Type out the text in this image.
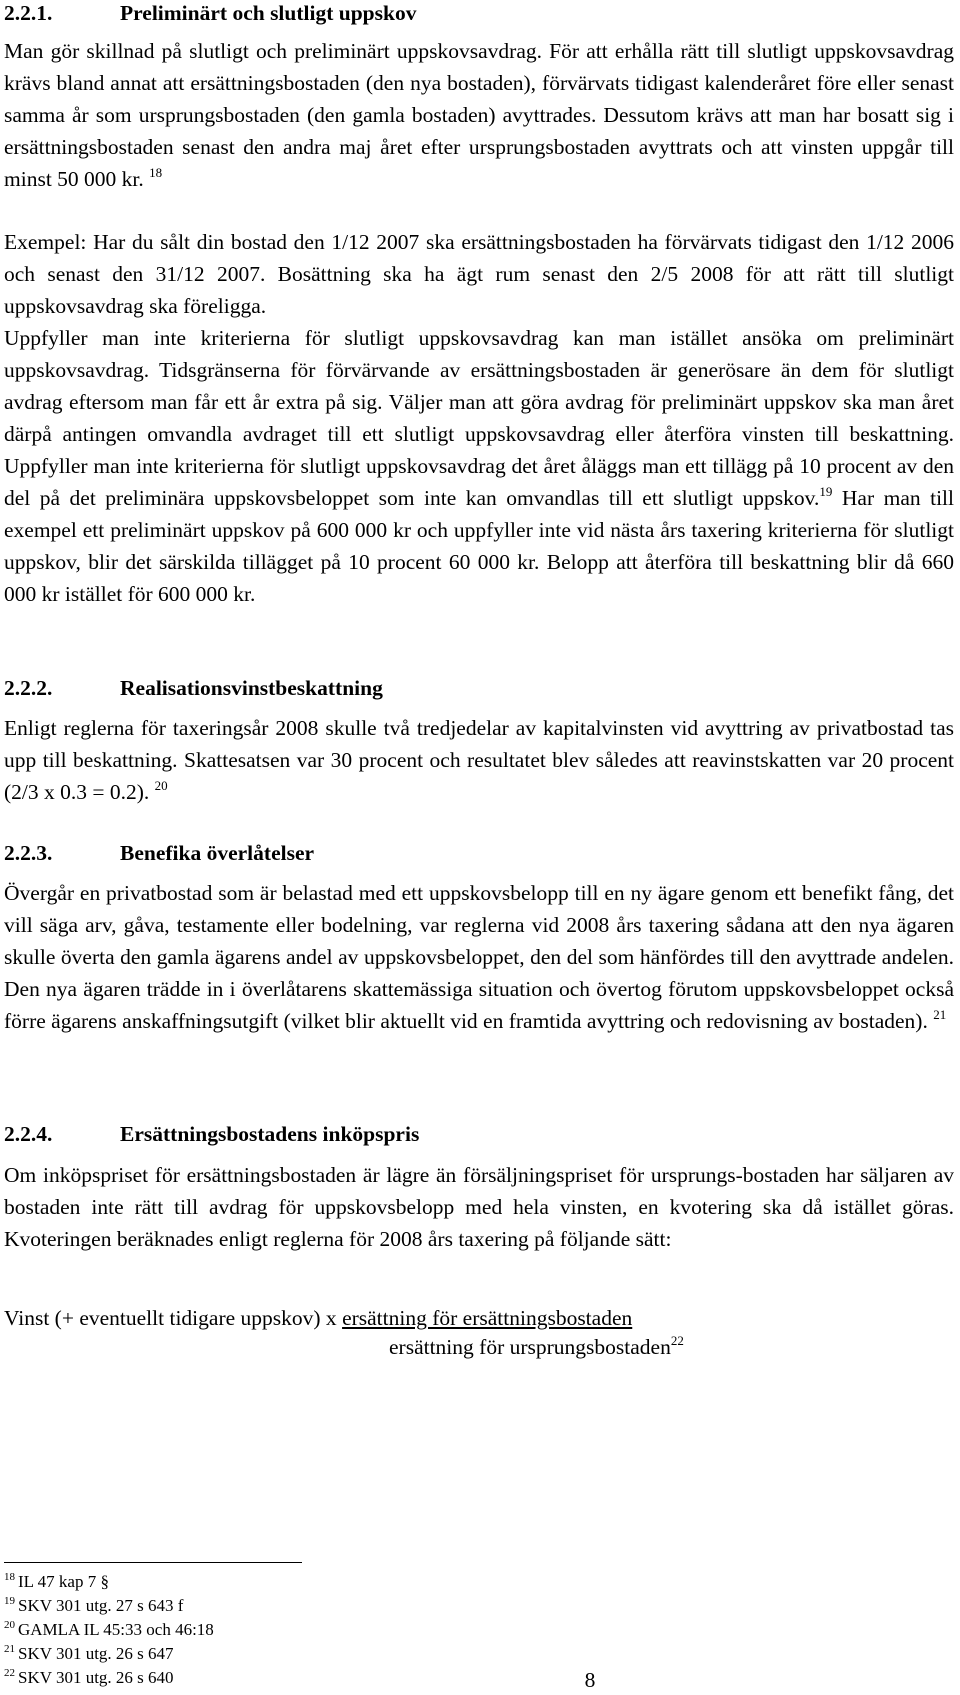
2.2.1.	Preliminärt och slutligt uppskov

Man gör skillnad på slutligt och preliminärt uppskovsavdrag. För att erhålla rätt till slutligt uppskovsavdrag krävs bland annat att ersättningsbostaden (den nya bostaden), förvärvats tidigast kalenderåret före eller senast samma år som ursprungsbostaden (den gamla bostaden) avyttrades. Dessutom krävs att man har bosatt sig i ersättningsbostaden senast den andra maj året efter ursprungsbostaden avyttrats och att vinsten uppgår till minst 50 000 kr. $^{18}$

Exempel: Har du sålt din bostad den 1/12 2007 ska ersättningsbostaden ha förvärvats tidigast den 1/12 2006 och senast den 31/12 2007. Bosättning ska ha ägt rum senast den 2/5 2008 för att rätt till slutligt uppskovsavdrag ska föreligga.

Uppfyller man inte kriterierna för slutligt uppskovsavdrag kan man istället ansöka om preliminärt uppskovsavdrag. Tidsgränserna för förvärvande av ersättningsbostaden är generösare än dem för slutligt avdrag eftersom man får ett år extra på sig. Väljer man att göra avdrag för preliminärt uppskov ska man året därpå antingen omvandla avdraget till ett slutligt uppskovsavdrag eller återföra vinsten till beskattning. Uppfyller man inte kriterierna för slutligt uppskovsavdrag det året åläggs man ett tillägg på 10 procent av den del på det preliminära uppskovsbeloppet som inte kan omvandlas till ett slutligt uppskov.$^{19}$ Har man till exempel ett preliminärt uppskov på 600 000 kr och uppfyller inte vid nästa års taxering kriterierna för slutligt uppskov, blir det särskilda tillägget på 10 procent 60 000 kr. Belopp att återföra till beskattning blir då 660 000 kr istället för 600 000 kr.

2.2.2.	Realisationsvinstbeskattning

Enligt reglerna för taxeringsår 2008 skulle två tredjedelar av kapitalvinsten vid avyttring av privatbostad tas upp till beskattning. Skattesatsen var 30 procent och resultatet blev således att reavinstskatten var 20 procent (2/3 x 0.3 = 0.2). $^{20}$

2.2.3.	Benefika överlåtelser

Övergår en privatbostad som är belastad med ett uppskovsbelopp till en ny ägare genom ett benefikt fång, det vill säga arv, gåva, testamente eller bodelning, var reglerna vid 2008 års taxering sådana att den nya ägaren skulle överta den gamla ägarens andel av uppskovsbeloppet, den del som hänfördes till den avyttrade andelen. Den nya ägaren trädde in i överlåtarens skattemässiga situation och övertog förutom uppskovsbeloppet också förre ägarens anskaffningsutgift (vilket blir aktuellt vid en framtida avyttring och redovisning av bostaden). $^{21}$

2.2.4.	Ersättningsbostadens inköpspris

Om inköpspriset för ersättningsbostaden är lägre än försäljningspriset för ursprungs-bostaden har säljaren av bostaden inte rätt till avdrag för uppskovsbelopp med hela vinsten, en kvotering ska då istället göras. Kvoteringen beräknades enligt reglerna för 2008 års taxering på följande sätt:

Vinst (+ eventuellt tidigare uppskov) x ersättning för ersättningsbostaden
ersättning för ursprungsbostaden$^{22}$
$^{18}$ IL 47 kap 7 §
$^{19}$ SKV 301 utg. 27 s 643 f
$^{20}$ GAMLA IL 45:33 och 46:18
$^{21}$ SKV 301 utg. 26 s 647
$^{22}$ SKV 301 utg. 26 s 640	8
